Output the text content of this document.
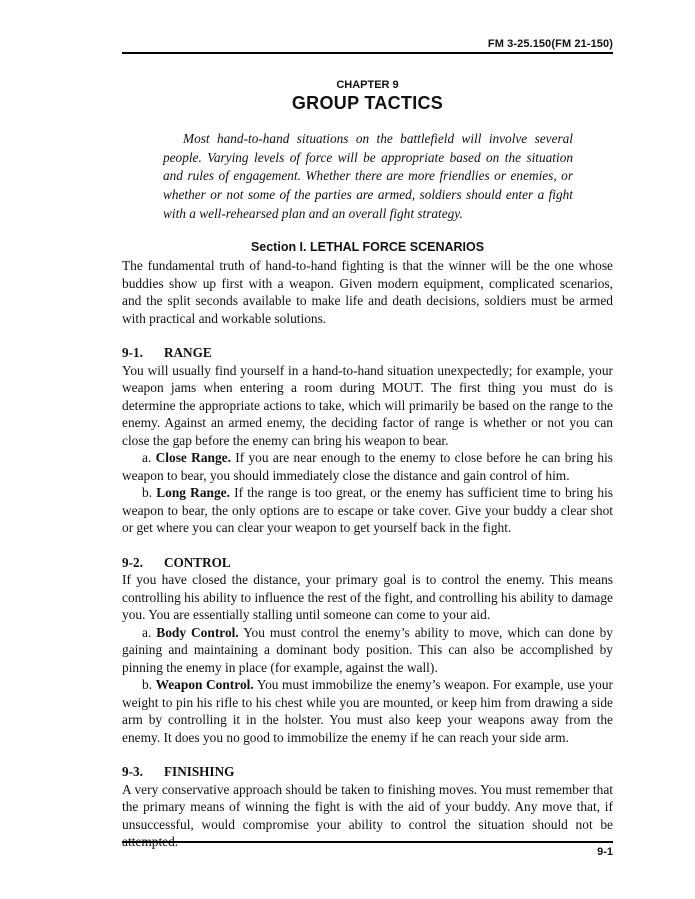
FM 3-25.150(FM 21-150)
CHAPTER 9
GROUP TACTICS

Most hand-to-hand situations on the battlefield will involve several people. Varying levels of force will be appropriate based on the situation and rules of engagement. Whether there are more friendlies or enemies, or whether or not some of the parties are armed, soldiers should enter a fight with a well-rehearsed plan and an overall fight strategy.

Section I. LETHAL FORCE SCENARIOS

The fundamental truth of hand-to-hand fighting is that the winner will be the one whose buddies show up first with a weapon. Given modern equipment, complicated scenarios, and the split seconds available to make life and death decisions, soldiers must be armed with practical and workable solutions.

9-1. RANGE

You will usually find yourself in a hand-to-hand situation unexpectedly; for example, your weapon jams when entering a room during MOUT. The first thing you must do is determine the appropriate actions to take, which will primarily be based on the range to the enemy. Against an armed enemy, the deciding factor of range is whether or not you can close the gap before the enemy can bring his weapon to bear.

a. Close Range. If you are near enough to the enemy to close before he can bring his weapon to bear, you should immediately close the distance and gain control of him.

b. Long Range. If the range is too great, or the enemy has sufficient time to bring his weapon to bear, the only options are to escape or take cover. Give your buddy a clear shot or get where you can clear your weapon to get yourself back in the fight.

9-2. CONTROL

If you have closed the distance, your primary goal is to control the enemy. This means controlling his ability to influence the rest of the fight, and controlling his ability to damage you. You are essentially stalling until someone can come to your aid.

a. Body Control. You must control the enemy’s ability to move, which can done by gaining and maintaining a dominant body position. This can also be accomplished by pinning the enemy in place (for example, against the wall).

b. Weapon Control. You must immobilize the enemy’s weapon. For example, use your weight to pin his rifle to his chest while you are mounted, or keep him from drawing a side arm by controlling it in the holster. You must also keep your weapons away from the enemy. It does you no good to immobilize the enemy if he can reach your side arm.

9-3. FINISHING

A very conservative approach should be taken to finishing moves. You must remember that the primary means of winning the fight is with the aid of your buddy. Any move that, if unsuccessful, would compromise your ability to control the situation should not be attempted.

9-1
